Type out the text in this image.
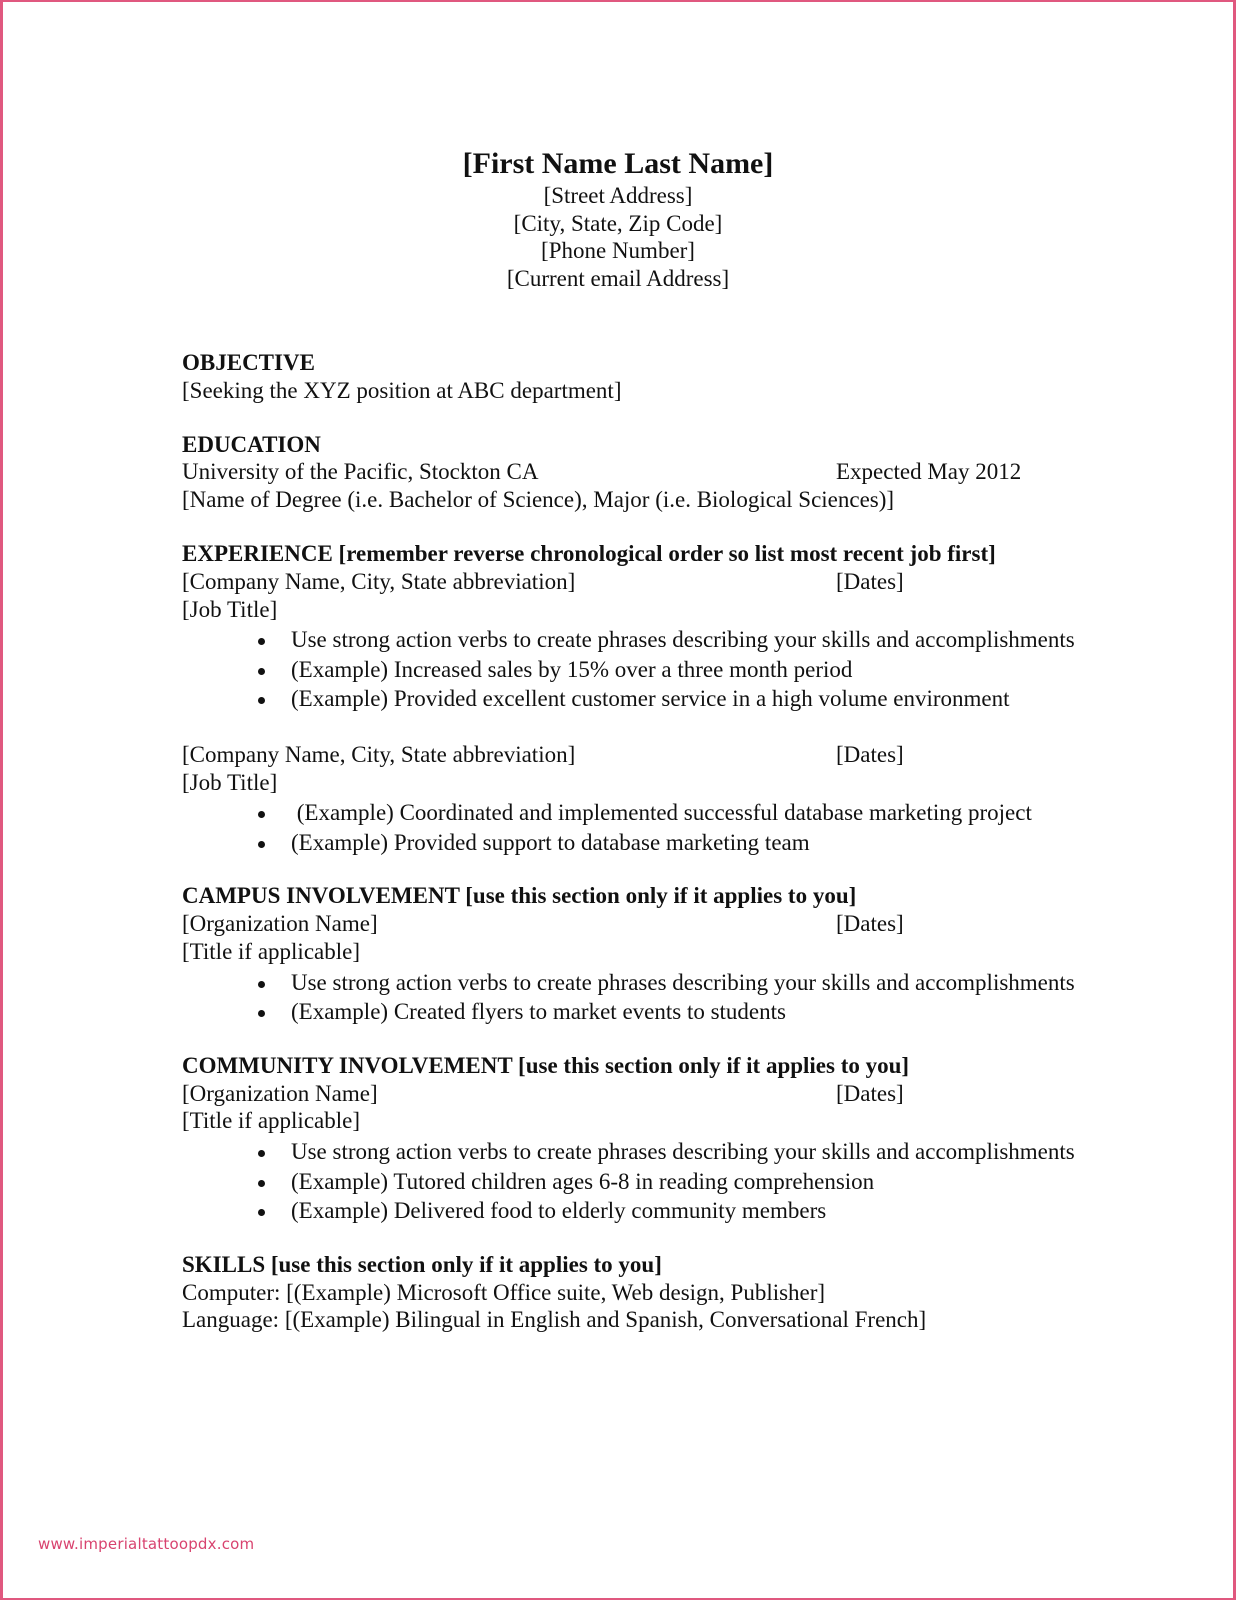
[First Name Last Name]
[Street Address]
[City, State, Zip Code]
[Phone Number]
[Current email Address]
OBJECTIVE
[Seeking the XYZ position at ABC department]
EDUCATION
University of the Pacific, Stockton CA	Expected May 2012
[Name of Degree (i.e. Bachelor of Science), Major (i.e. Biological Sciences)]
EXPERIENCE [remember reverse chronological order so list most recent job first]
[Company Name, City, State abbreviation]	[Dates]
[Job Title]
Use strong action verbs to create phrases describing your skills and accomplishments
(Example) Increased sales by 15% over a three month period
(Example) Provided excellent customer service in a high volume environment
[Company Name, City, State abbreviation]	[Dates]
[Job Title]
(Example) Coordinated and implemented successful database marketing project
(Example) Provided support to database marketing team
CAMPUS INVOLVEMENT [use this section only if it applies to you]
[Organization Name]	[Dates]
[Title if applicable]
Use strong action verbs to create phrases describing your skills and accomplishments
(Example) Created flyers to market events to students
COMMUNITY INVOLVEMENT [use this section only if it applies to you]
[Organization Name]	[Dates]
[Title if applicable]
Use strong action verbs to create phrases describing your skills and accomplishments
(Example) Tutored children ages 6-8 in reading comprehension
(Example) Delivered food to elderly community members
SKILLS [use this section only if it applies to you]
Computer: [(Example) Microsoft Office suite, Web design, Publisher]
Language: [(Example) Bilingual in English and Spanish, Conversational French]
www.imperialtattoopdx.com
